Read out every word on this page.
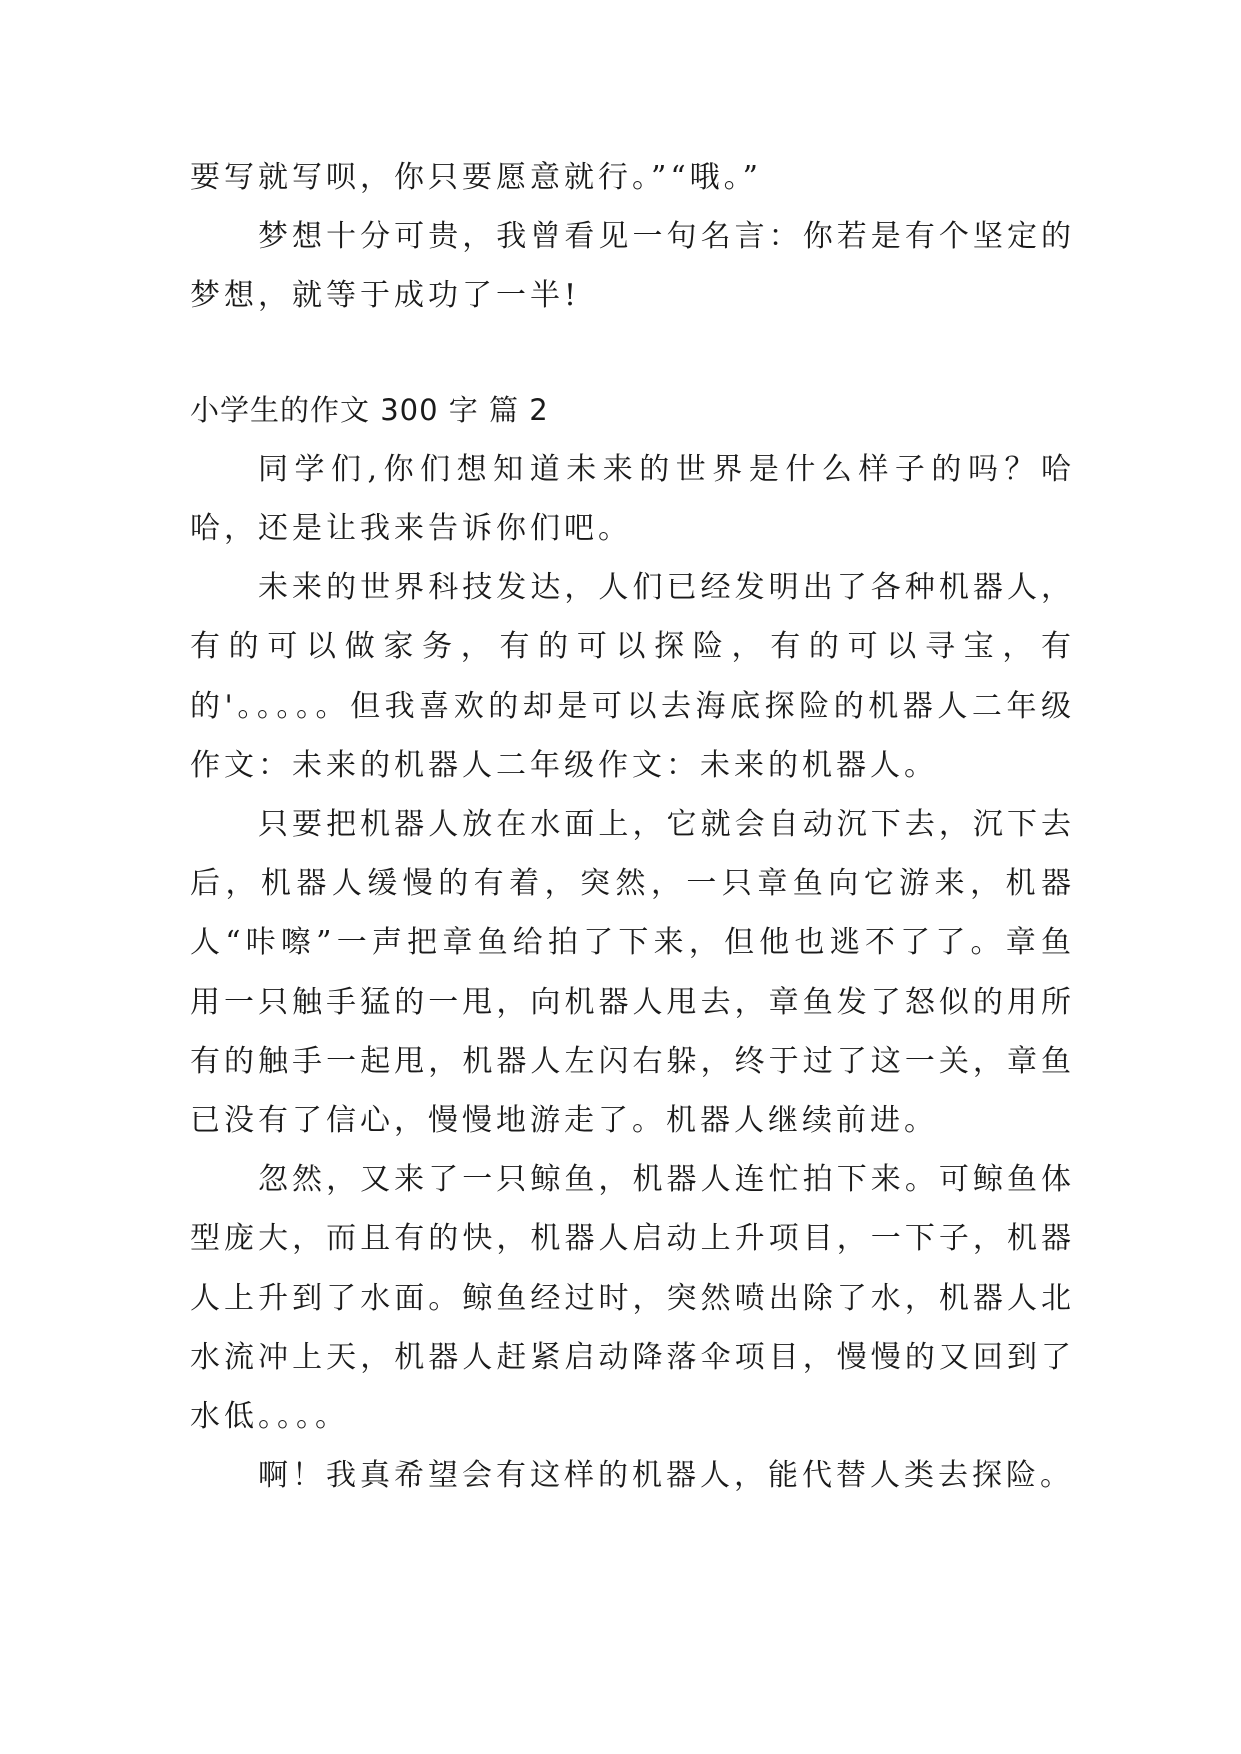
要写就写呗，你只要愿意就行。”“哦。”

梦想十分可贵，我曾看见一句名言：你若是有个坚定的梦想，就等于成功了一半!

小学生的作文 300 字 篇 2

同学们,你们想知道未来的世界是什么样子的吗？哈哈，还是让我来告诉你们吧。

未来的世界科技发达，人们已经发明出了各种机器人，有的可以做家务，有的可以探险，有的可以寻宝，有的'。。。。。但我喜欢的却是可以去海底探险的机器人二年级作文：未来的机器人二年级作文：未来的机器人。

只要把机器人放在水面上，它就会自动沉下去，沉下去后，机器人缓慢的有着，突然，一只章鱼向它游来，机器人“咔嚓”一声把章鱼给拍了下来，但他也逃不了了。章鱼用一只触手猛的一甩，向机器人甩去，章鱼发了怒似的用所有的触手一起甩，机器人左闪右躲，终于过了这一关，章鱼已没有了信心，慢慢地游走了。机器人继续前进。

忽然，又来了一只鲸鱼，机器人连忙拍下来。可鲸鱼体型庞大，而且有的快，机器人启动上升项目，一下子，机器人上升到了水面。鲸鱼经过时，突然喷出除了水，机器人北水流冲上天，机器人赶紧启动降落伞项目，慢慢的又回到了水低。。。。

啊！我真希望会有这样的机器人，能代替人类去探险。
